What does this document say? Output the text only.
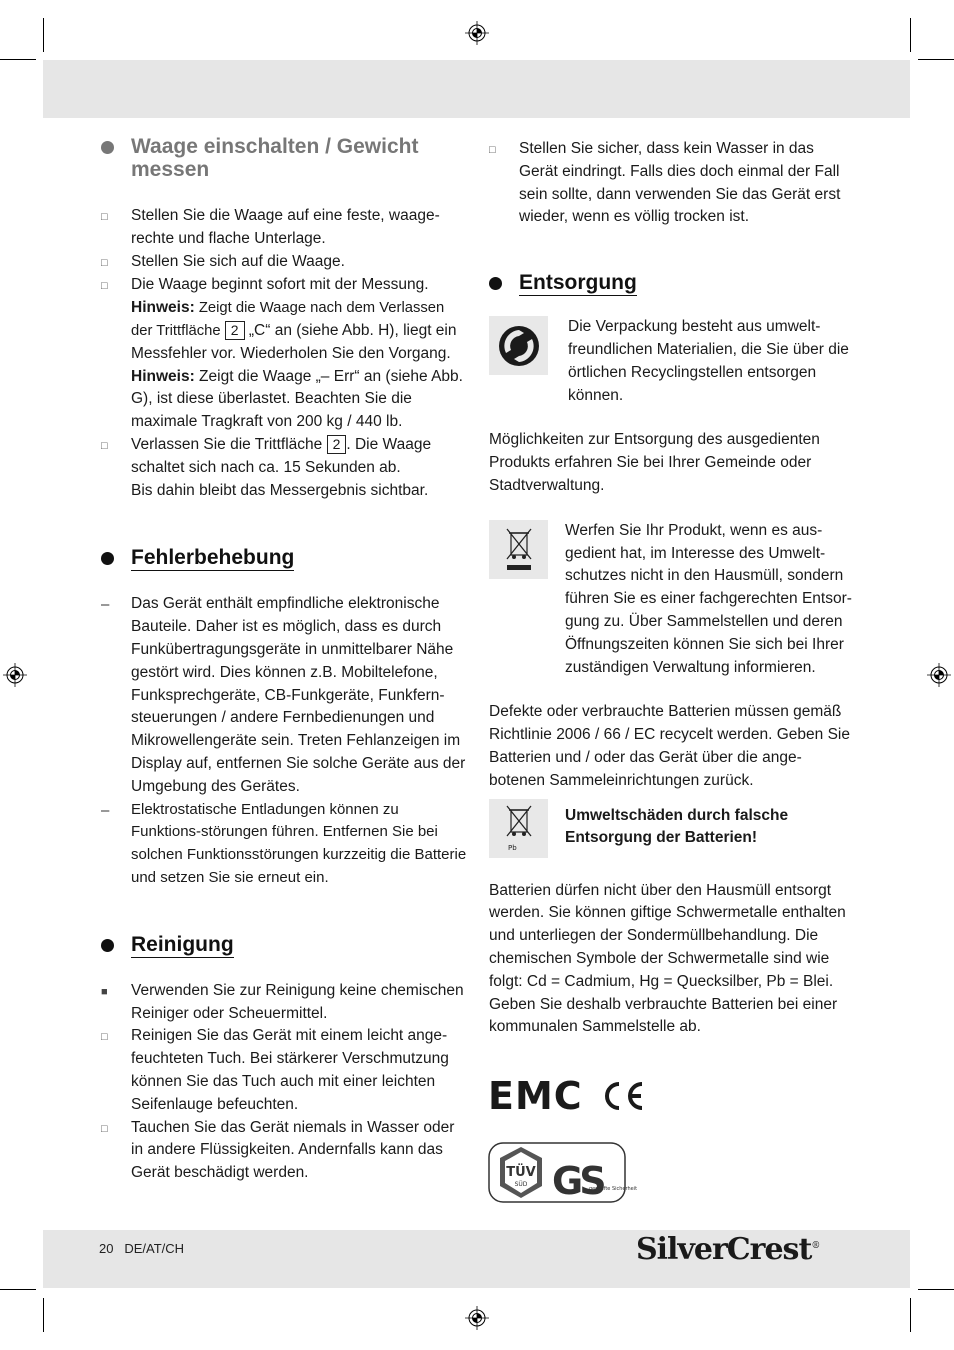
Waage einschalten / Gewicht
messen
□	Stellen Sie die Waage auf eine feste, waage-rechte und flache Unterlage.
□	Stellen Sie sich auf die Waage.
□	Die Waage beginnt sofort mit der Messung.
Hinweis: Zeigt die Waage nach dem Verlassen der Trittfläche 2 „C“ an (siehe Abb. H), liegt ein Messfehler vor. Wiederholen Sie den Vorgang.
Hinweis: Zeigt die Waage „– Err“ an (siehe Abb. G), ist diese überlastet. Beachten Sie die maximale Tragkraft von 200 kg / 440 lb.
□	Verlassen Sie die Trittfläche 2 . Die Waage schaltet sich nach ca. 15 Sekunden ab.
Bis dahin bleibt das Messergebnis sichtbar.
Fehlerbehebung
–	Das Gerät enthält empfindliche elektronische Bauteile. Daher ist es möglich, dass es durch Funkübertragungsgeräte in unmittelbarer Nähe gestört wird. Dies können z.B. Mobiltelefone, Funksprechgeräte, CB-Funkgeräte, Funkfern-steuerungen / andere Fernbedienungen und Mikrowellengeräte sein. Treten Fehlanzeigen im Display auf, entfernen Sie solche Geräte aus der Umgebung des Gerätes.
–	Elektrostatische Entladungen können zu Funktions-störungen führen. Entfernen Sie bei solchen Funktionsstörungen kurzzeitig die Batterie und setzen Sie sie erneut ein.
Reinigung
■	Verwenden Sie zur Reinigung keine chemischen Reiniger oder Scheuermittel.
□	Reinigen Sie das Gerät mit einem leicht ange-feuchteten Tuch. Bei stärkerer Verschmutzung können Sie das Tuch auch mit einer leichten Seifenlauge befeuchten.
□	Tauchen Sie das Gerät niemals in Wasser oder in andere Flüssigkeiten. Andernfalls kann das Gerät beschädigt werden.
□	Stellen Sie sicher, dass kein Wasser in das Gerät eindringt. Falls dies doch einmal der Fall sein sollte, dann verwenden Sie das Gerät erst wieder, wenn es völlig trocken ist.
Entsorgung
Die Verpackung besteht aus umwelt-freundlichen Materialien, die Sie über die örtlichen Recyclingstellen entsorgen können.

Möglichkeiten zur Entsorgung des ausgedienten Produkts erfahren Sie bei Ihrer Gemeinde oder Stadtverwaltung.

Werfen Sie Ihr Produkt, wenn es aus-gedient hat, im Interesse des Umwelt-schutzes nicht in den Hausmüll, sondern führen Sie es einer fachgerechten Entsor-gung zu. Über Sammelstellen und deren Öffnungszeiten können Sie sich bei Ihrer zuständigen Verwaltung informieren.

Defekte oder verbrauchte Batterien müssen gemäß Richtlinie 2006 / 66 / EC recycelt werden. Geben Sie Batterien und / oder das Gerät über die ange-botenen Sammeleinrichtungen zurück.

Pb
Umweltschäden durch falsche Entsorgung der Batterien!

Batterien dürfen nicht über den Hausmüll entsorgt werden. Sie können giftige Schwermetalle enthalten und unterliegen der Sondermüllbehandlung. Die chemischen Symbole der Schwermetalle sind wie folgt: Cd = Cadmium, Hg = Quecksilber, Pb = Blei. Geben Sie deshalb verbrauchte Batterien bei einer kommunalen Sammelstelle ab.

EMC
TÜV
SÜD GS
geprüfte Sicherheit
20 DE/AT/CH	SilverCrest®
